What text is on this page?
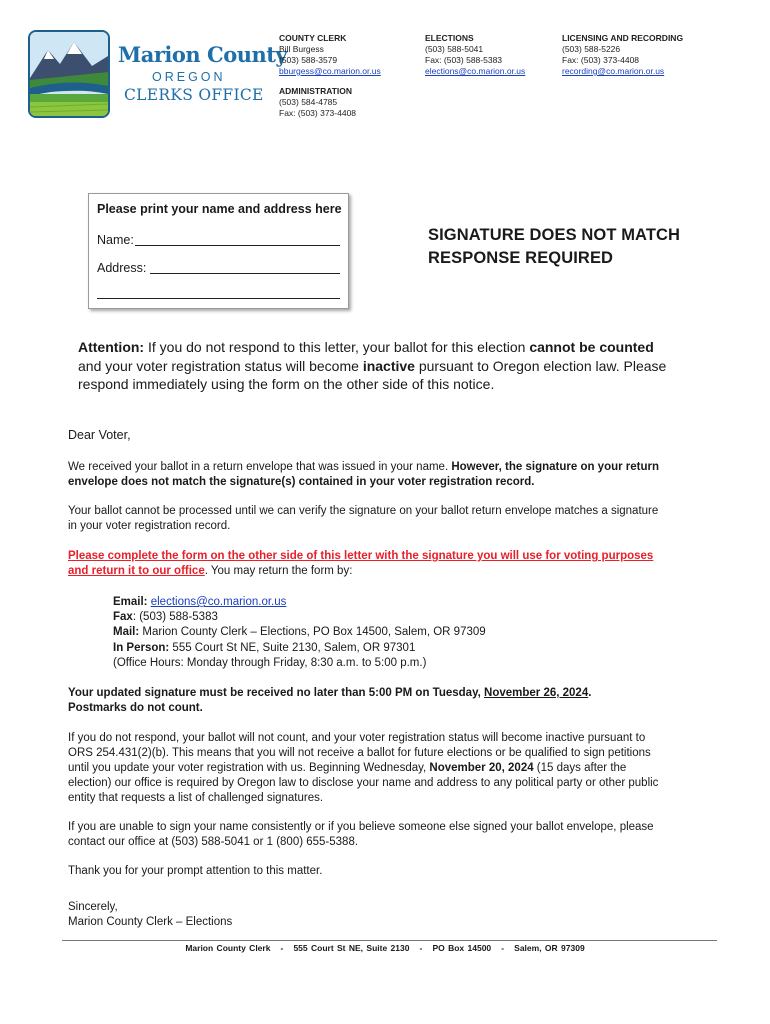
Marion County
OREGON
CLERKS OFFICE
COUNTY CLERK
Bill Burgess
(503) 588-3579
bburgess@co.marion.or.us
ADMINISTRATION
(503) 584-4785
Fax: (503) 373-4408
ELECTIONS
(503) 588-5041
Fax: (503) 588-5383
elections@co.marion.or.us
LICENSING AND RECORDING
(503) 588-5226
Fax: (503) 373-4408
recording@co.marion.or.us
Please print your name and address here
Name:
Address:
SIGNATURE DOES NOT MATCH
RESPONSE REQUIRED
Attention: If you do not respond to this letter, your ballot for this election cannot be counted and your voter registration status will become inactive pursuant to Oregon election law. Please respond immediately using the form on the other side of this notice.
Dear Voter,
We received your ballot in a return envelope that was issued in your name. However, the signature on your return envelope does not match the signature(s) contained in your voter registration record.
Your ballot cannot be processed until we can verify the signature on your ballot return envelope matches a signature in your voter registration record.
Please complete the form on the other side of this letter with the signature you will use for voting purposes and return it to our office. You may return the form by:
Email: elections@co.marion.or.us
Fax: (503) 588-5383
Mail: Marion County Clerk – Elections, PO Box 14500, Salem, OR 97309
In Person: 555 Court St NE, Suite 2130, Salem, OR 97301
(Office Hours: Monday through Friday, 8:30 a.m. to 5:00 p.m.)
Your updated signature must be received no later than 5:00 PM on Tuesday, November 26, 2024.
Postmarks do not count.
If you do not respond, your ballot will not count, and your voter registration status will become inactive pursuant to ORS 254.431(2)(b). This means that you will not receive a ballot for future elections or be qualified to sign petitions until you update your voter registration with us. Beginning Wednesday, November 20, 2024 (15 days after the election) our office is required by Oregon law to disclose your name and address to any political party or other public entity that requests a list of challenged signatures.
If you are unable to sign your name consistently or if you believe someone else signed your ballot envelope, please contact our office at (503) 588-5041 or 1 (800) 655-5388.
Thank you for your prompt attention to this matter.
Sincerely,
Marion County Clerk – Elections
Marion County Clerk   -   555 Court St NE, Suite 2130   -   PO Box 14500   -   Salem, OR 97309
